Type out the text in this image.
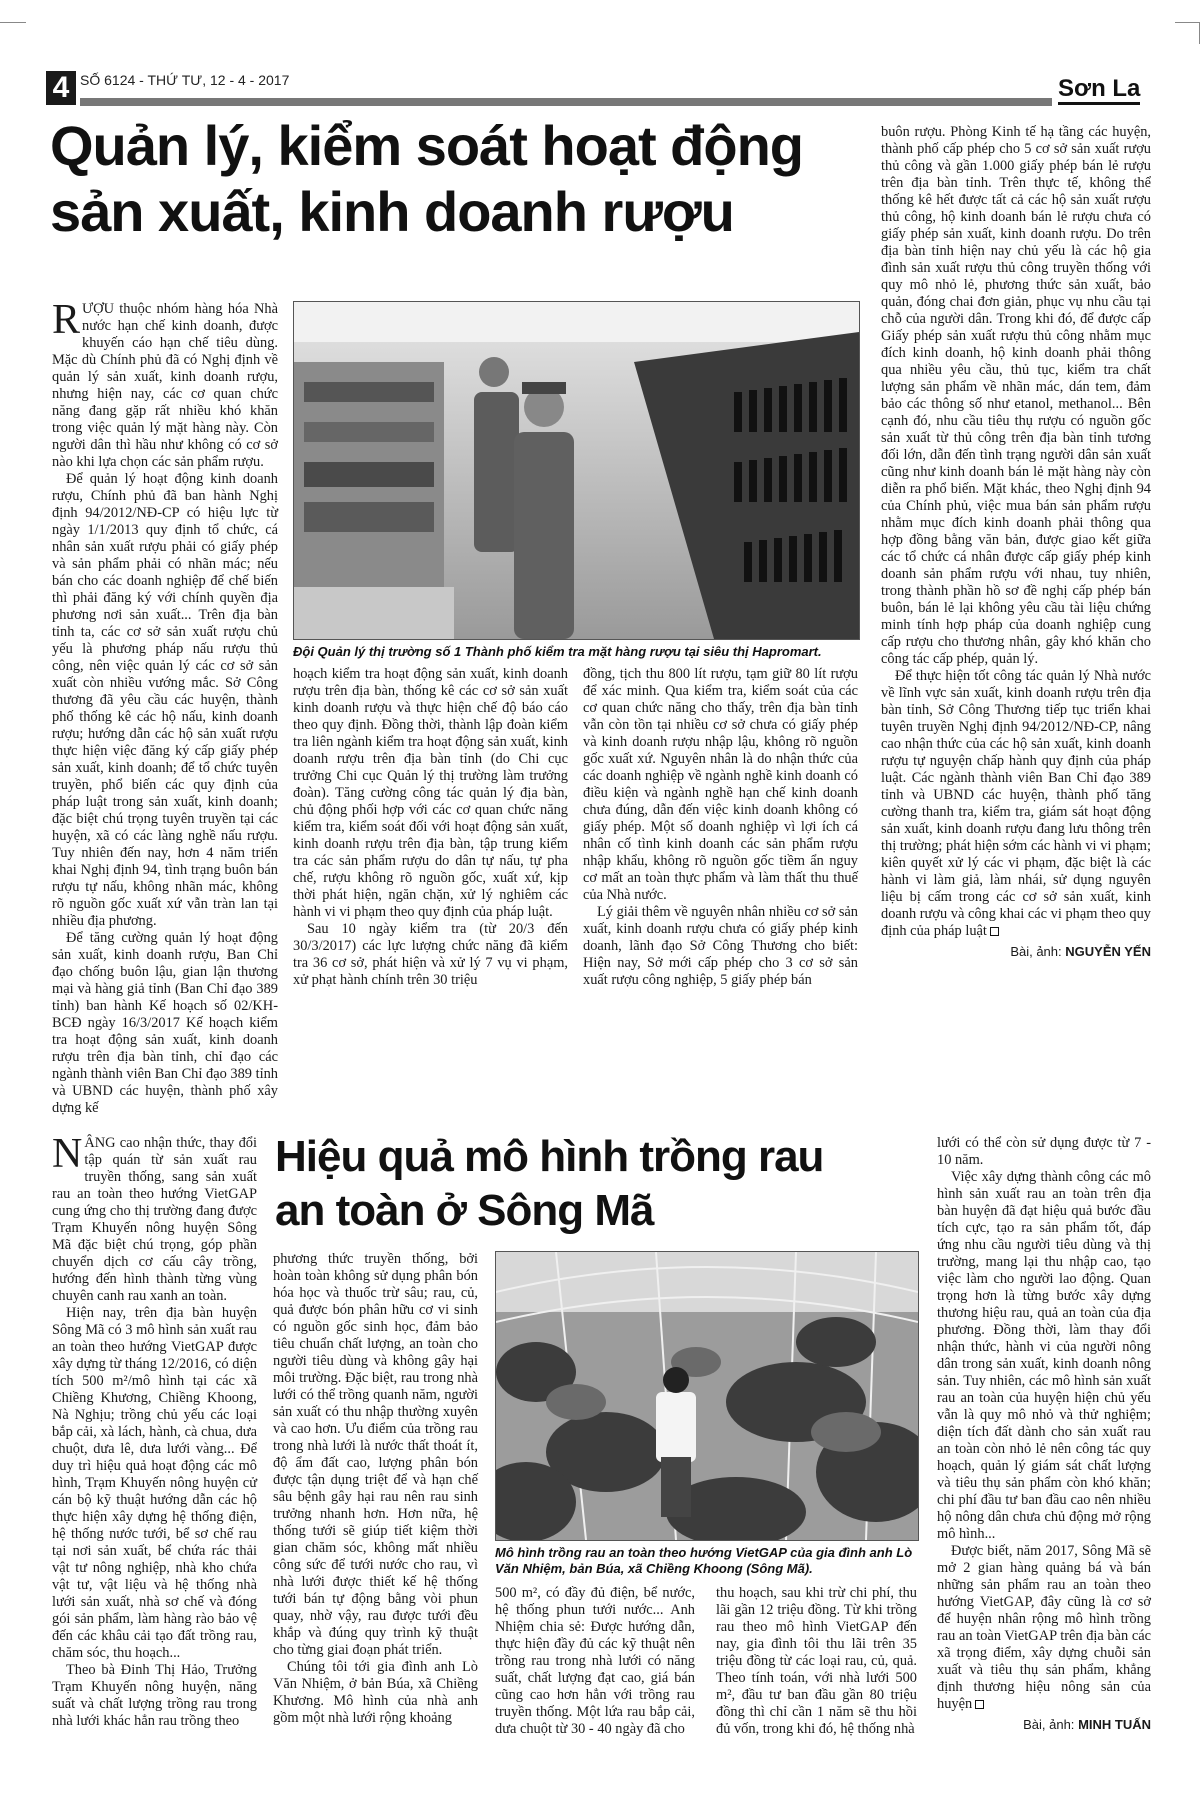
4 SỐ 6124 - THỨ TƯ, 12 - 4 - 2017	Sơn La
Quản lý, kiểm soát hoạt động
sản xuất, kinh doanh rượu

RƯỢU thuộc nhóm hàng hóa Nhà nước hạn chế kinh doanh, được khuyến cáo hạn chế tiêu dùng. Mặc dù Chính phủ đã có Nghị định về quản lý sản xuất, kinh doanh rượu, nhưng hiện nay, các cơ quan chức năng đang gặp rất nhiều khó khăn trong việc quản lý mặt hàng này. Còn người dân thì hầu như không có cơ sở nào khi lựa chọn các sản phẩm rượu.

Để quản lý hoạt động kinh doanh rượu, Chính phủ đã ban hành Nghị định 94/2012/NĐ-CP có hiệu lực từ ngày 1/1/2013 quy định tổ chức, cá nhân sản xuất rượu phải có giấy phép và sản phẩm phải có nhãn mác; nếu bán cho các doanh nghiệp để chế biến thì phải đăng ký với chính quyền địa phương nơi sản xuất... Trên địa bàn tỉnh ta, các cơ sở sản xuất rượu chủ yếu là phương pháp nấu rượu thủ công, nên việc quản lý các cơ sở sản xuất còn nhiều vướng mắc. Sở Công thương đã yêu cầu các huyện, thành phố thống kê các hộ nấu, kinh doanh rượu; hướng dẫn các hộ sản xuất rượu thực hiện việc đăng ký cấp giấy phép sản xuất, kinh doanh; để tổ chức tuyên truyền, phổ biến các quy định của pháp luật trong sản xuất, kinh doanh; đặc biệt chú trọng tuyên truyền tại các huyện, xã có các làng nghề nấu rượu. Tuy nhiên đến nay, hơn 4 năm triển khai Nghị định 94, tình trạng buôn bán rượu tự nấu, không nhãn mác, không rõ nguồn gốc xuất xứ vẫn tràn lan tại nhiều địa phương.

Để tăng cường quản lý hoạt động sản xuất, kinh doanh rượu, Ban Chỉ đạo chống buôn lậu, gian lận thương mại và hàng giả tỉnh (Ban Chỉ đạo 389 tỉnh) ban hành Kế hoạch số 02/KH-BCĐ ngày 16/3/2017 Kế hoạch kiểm tra hoạt động sản xuất, kinh doanh rượu trên địa bàn tỉnh, chỉ đạo các ngành thành viên Ban Chỉ đạo 389 tỉnh và UBND các huyện, thành phố xây dựng kế

Đội Quản lý thị trường số 1 Thành phố kiểm tra mặt hàng rượu tại siêu thị Hapromart.

hoạch kiểm tra hoạt động sản xuất, kinh doanh rượu trên địa bàn, thống kê các cơ sở sản xuất kinh doanh rượu và thực hiện chế độ báo cáo theo quy định. Đồng thời, thành lập đoàn kiểm tra liên ngành kiểm tra hoạt động sản xuất, kinh doanh rượu trên địa bàn tỉnh (do Chi cục trưởng Chi cục Quản lý thị trường làm trưởng đoàn). Tăng cường công tác quản lý địa bàn, chủ động phối hợp với các cơ quan chức năng kiểm tra, kiểm soát đối với hoạt động sản xuất, kinh doanh rượu trên địa bàn, tập trung kiểm tra các sản phẩm rượu do dân tự nấu, tự pha chế, rượu không rõ nguồn gốc, xuất xứ, kịp thời phát hiện, ngăn chặn, xử lý nghiêm các hành vi vi phạm theo quy định của pháp luật.

Sau 10 ngày kiểm tra (từ 20/3 đến 30/3/2017) các lực lượng chức năng đã kiểm tra 36 cơ sở, phát hiện và xử lý 7 vụ vi phạm, xử phạt hành chính trên 30 triệu

đồng, tịch thu 800 lít rượu, tạm giữ 80 lít rượu để xác minh. Qua kiểm tra, kiểm soát của các cơ quan chức năng cho thấy, trên địa bàn tỉnh vẫn còn tồn tại nhiều cơ sở chưa có giấy phép và kinh doanh rượu nhập lậu, không rõ nguồn gốc xuất xứ. Nguyên nhân là do nhận thức của các doanh nghiệp về ngành nghề kinh doanh có điều kiện và ngành nghề hạn chế kinh doanh chưa đúng, dẫn đến việc kinh doanh không có giấy phép. Một số doanh nghiệp vì lợi ích cá nhân cố tình kinh doanh các sản phẩm rượu nhập khẩu, không rõ nguồn gốc tiềm ẩn nguy cơ mất an toàn thực phẩm và làm thất thu thuế của Nhà nước.

Lý giải thêm về nguyên nhân nhiều cơ sở sản xuất, kinh doanh rượu chưa có giấy phép kinh doanh, lãnh đạo Sở Công Thương cho biết: Hiện nay, Sở mới cấp phép cho 3 cơ sở sản xuất rượu công nghiệp, 5 giấy phép bán

buôn rượu. Phòng Kinh tế hạ tầng các huyện, thành phố cấp phép cho 5 cơ sở sản xuất rượu thủ công và gần 1.000 giấy phép bán lẻ rượu trên địa bàn tỉnh. Trên thực tế, không thể thống kê hết được tất cả các hộ sản xuất rượu thủ công, hộ kinh doanh bán lẻ rượu chưa có giấy phép sản xuất, kinh doanh rượu. Do trên địa bàn tỉnh hiện nay chủ yếu là các hộ gia đình sản xuất rượu thủ công truyền thống với quy mô nhỏ lẻ, phương thức sản xuất, bảo quản, đóng chai đơn giản, phục vụ nhu cầu tại chỗ của người dân. Trong khi đó, để được cấp Giấy phép sản xuất rượu thủ công nhằm mục đích kinh doanh, hộ kinh doanh phải thông qua nhiều yêu cầu, thủ tục, kiểm tra chất lượng sản phẩm về nhãn mác, dán tem, đảm bảo các thông số như etanol, methanol... Bên cạnh đó, nhu cầu tiêu thụ rượu có nguồn gốc sản xuất từ thủ công trên địa bàn tỉnh tương đối lớn, dẫn đến tình trạng người dân sản xuất cũng như kinh doanh bán lẻ mặt hàng này còn diễn ra phổ biến. Mặt khác, theo Nghị định 94 của Chính phủ, việc mua bán sản phẩm rượu nhằm mục đích kinh doanh phải thông qua hợp đồng bằng văn bản, được giao kết giữa các tổ chức cá nhân được cấp giấy phép kinh doanh sản phẩm rượu với nhau, tuy nhiên, trong thành phần hồ sơ đề nghị cấp phép bán buôn, bán lẻ lại không yêu cầu tài liệu chứng minh tính hợp pháp của doanh nghiệp cung cấp rượu cho thương nhân, gây khó khăn cho công tác cấp phép, quản lý.

Để thực hiện tốt công tác quản lý Nhà nước về lĩnh vực sản xuất, kinh doanh rượu trên địa bàn tỉnh, Sở Công Thương tiếp tục triển khai tuyên truyền Nghị định 94/2012/NĐ-CP, nâng cao nhận thức của các hộ sản xuất, kinh doanh rượu tự nguyện chấp hành quy định của pháp luật. Các ngành thành viên Ban Chỉ đạo 389 tỉnh và UBND các huyện, thành phố tăng cường thanh tra, kiểm tra, giám sát hoạt động sản xuất, kinh doanh rượu đang lưu thông trên thị trường; phát hiện sớm các hành vi vi phạm; kiên quyết xử lý các vi phạm, đặc biệt là các hành vi làm giả, làm nhái, sử dụng nguyên liệu bị cấm trong các cơ sở sản xuất, kinh doanh rượu và công khai các vi phạm theo quy định của pháp luật

Bài, ảnh: NGUYỄN YẾN

Hiệu quả mô hình trồng rau
an toàn ở Sông Mã

NÂNG cao nhận thức, thay đổi tập quán từ sản xuất rau truyền thống, sang sản xuất rau an toàn theo hướng VietGAP cung ứng cho thị trường đang được Trạm Khuyến nông huyện Sông Mã đặc biệt chú trọng, góp phần chuyển dịch cơ cấu cây trồng, hướng đến hình thành từng vùng chuyên canh rau xanh an toàn.

Hiện nay, trên địa bàn huyện Sông Mã có 3 mô hình sản xuất rau an toàn theo hướng VietGAP được xây dựng từ tháng 12/2016, có diện tích 500 m²/mô hình tại các xã Chiềng Khương, Chiềng Khoong, Nà Nghịu; trồng chủ yếu các loại bắp cải, xà lách, hành, cà chua, dưa chuột, dưa lê, dưa lưới vàng... Để duy trì hiệu quả hoạt động các mô hình, Trạm Khuyến nông huyện cử cán bộ kỹ thuật hướng dẫn các hộ thực hiện xây dựng hệ thống điện, hệ thống nước tưới, bể sơ chế rau tại nơi sản xuất, bể chứa rác thải vật tư nông nghiệp, nhà kho chứa vật tư, vật liệu và hệ thống nhà lưới sản xuất, nhà sơ chế và đóng gói sản phẩm, làm hàng rào bảo vệ đến các khâu cải tạo đất trồng rau, chăm sóc, thu hoạch...

Theo bà Đinh Thị Hảo, Trưởng Trạm Khuyến nông huyện, năng suất và chất lượng trồng rau trong nhà lưới khác hẳn rau trồng theo

phương thức truyền thống, bởi hoàn toàn không sử dụng phân bón hóa học và thuốc trừ sâu; rau, củ, quả được bón phân hữu cơ vi sinh có nguồn gốc sinh học, đảm bảo tiêu chuẩn chất lượng, an toàn cho người tiêu dùng và không gây hại môi trường. Đặc biệt, rau trong nhà lưới có thể trồng quanh năm, người sản xuất có thu nhập thường xuyên và cao hơn. Ưu điểm của trồng rau trong nhà lưới là nước thất thoát ít, độ ẩm đất cao, lượng phân bón được tận dụng triệt để và hạn chế sâu bệnh gây hại rau nên rau sinh trưởng nhanh hơn. Hơn nữa, hệ thống tưới sẽ giúp tiết kiệm thời gian chăm sóc, không mất nhiều công sức để tưới nước cho rau, vì nhà lưới được thiết kế hệ thống tưới bán tự động bằng vòi phun quay, nhờ vậy, rau được tưới đều khắp và đúng quy trình kỹ thuật cho từng giai đoạn phát triển.

Chúng tôi tới gia đình anh Lò Văn Nhiệm, ở bản Búa, xã Chiềng Khương. Mô hình của nhà anh gồm một nhà lưới rộng khoảng

Mô hình trồng rau an toàn theo hướng VietGAP của gia đình anh Lò Văn Nhiệm, bản Búa, xã Chiềng Khoong (Sông Mã).

500 m², có đầy đủ điện, bể nước, hệ thống phun tưới nước... Anh Nhiệm chia sẻ: Được hướng dẫn, thực hiện đầy đủ các kỹ thuật nên trồng rau trong nhà lưới có năng suất, chất lượng đạt cao, giá bán cũng cao hơn hẳn với trồng rau truyền thống. Một lứa rau bắp cải, dưa chuột từ 30 - 40 ngày đã cho

thu hoạch, sau khi trừ chi phí, thu lãi gần 12 triệu đồng. Từ khi trồng rau theo mô hình VietGAP đến nay, gia đình tôi thu lãi trên 35 triệu đồng từ các loại rau, củ, quả. Theo tính toán, với nhà lưới 500 m², đầu tư ban đầu gần 80 triệu đồng thì chỉ cần 1 năm sẽ thu hồi đủ vốn, trong khi đó, hệ thống nhà

lưới có thể còn sử dụng được từ 7 - 10 năm.

Việc xây dựng thành công các mô hình sản xuất rau an toàn trên địa bàn huyện đã đạt hiệu quả bước đầu tích cực, tạo ra sản phẩm tốt, đáp ứng nhu cầu người tiêu dùng và thị trường, mang lại thu nhập cao, tạo việc làm cho người lao động. Quan trọng hơn là từng bước xây dựng thương hiệu rau, quả an toàn của địa phương. Đồng thời, làm thay đổi nhận thức, hành vi của người nông dân trong sản xuất, kinh doanh nông sản. Tuy nhiên, các mô hình sản xuất rau an toàn của huyện hiện chủ yếu vẫn là quy mô nhỏ và thử nghiệm; diện tích đất dành cho sản xuất rau an toàn còn nhỏ lẻ nên công tác quy hoạch, quản lý giám sát chất lượng và tiêu thụ sản phẩm còn khó khăn; chi phí đầu tư ban đầu cao nên nhiều hộ nông dân chưa chủ động mở rộng mô hình...

Được biết, năm 2017, Sông Mã sẽ mở 2 gian hàng quảng bá và bán những sản phẩm rau an toàn theo hướng VietGAP, đây cũng là cơ sở để huyện nhân rộng mô hình trồng rau an toàn VietGAP trên địa bàn các xã trọng điểm, xây dựng chuỗi sản xuất và tiêu thụ sản phẩm, khẳng định thương hiệu nông sản của huyện

Bài, ảnh: MINH TUẤN
